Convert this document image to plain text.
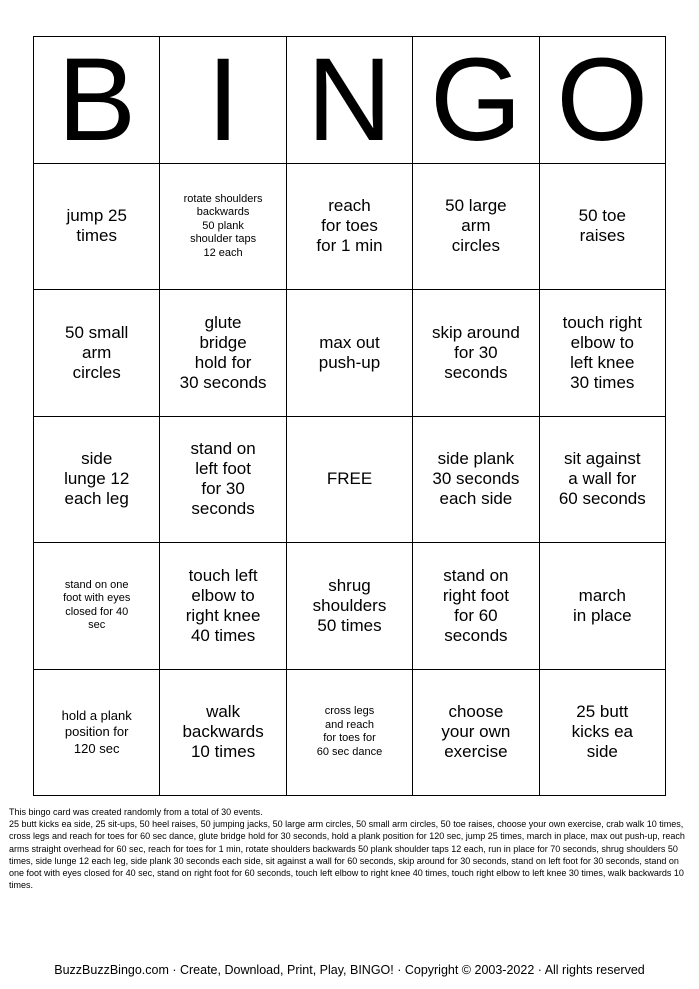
B I N G O
jump 25
times
rotate shoulders
backwards
50 plank
shoulder taps
12 each
reach
for toes
for 1 min
50 large
arm
circles
50 toe
raises
50 small
arm
circles
glute
bridge
hold for
30 seconds
max out
push-up
skip around
for 30
seconds
touch right
elbow to
left knee
30 times
side
lunge 12
each leg
stand on
left foot
for 30
seconds
FREE
side plank
30 seconds
each side
sit against
a wall for
60 seconds
stand on one
foot with eyes
closed for 40
sec
touch left
elbow to
right knee
40 times
shrug
shoulders
50 times
stand on
right foot
for 60
seconds
march
in place
hold a plank
position for
120 sec
walk
backwards
10 times
cross legs
and reach
for toes for
60 sec dance
choose
your own
exercise
25 butt
kicks ea
side

This bingo card was created randomly from a total of 30 events.

25 butt kicks ea side, 25 sit-ups, 50 heel raises, 50 jumping jacks, 50 large arm circles, 50 small arm circles, 50 toe raises, choose your own exercise, crab walk 10 times, cross legs and reach for toes for 60 sec dance, glute bridge hold for 30 seconds, hold a plank position for 120 sec, jump 25 times, march in place, max out push-up, reach arms straight overhead for 60 sec, reach for toes for 1 min, rotate shoulders backwards 50 plank shoulder taps 12 each, run in place for 70 seconds, shrug shoulders 50 times, side lunge 12 each leg, side plank 30 seconds each side, sit against a wall for 60 seconds, skip around for 30 seconds, stand on left foot for 30 seconds, stand on one foot with eyes closed for 40 sec, stand on right foot for 60 seconds, touch left elbow to right knee 40 times, touch right elbow to left knee 30 times, walk backwards 10 times.

BuzzBuzzBingo.com · Create, Download, Print, Play, BINGO! · Copyright © 2003-2022 · All rights reserved
